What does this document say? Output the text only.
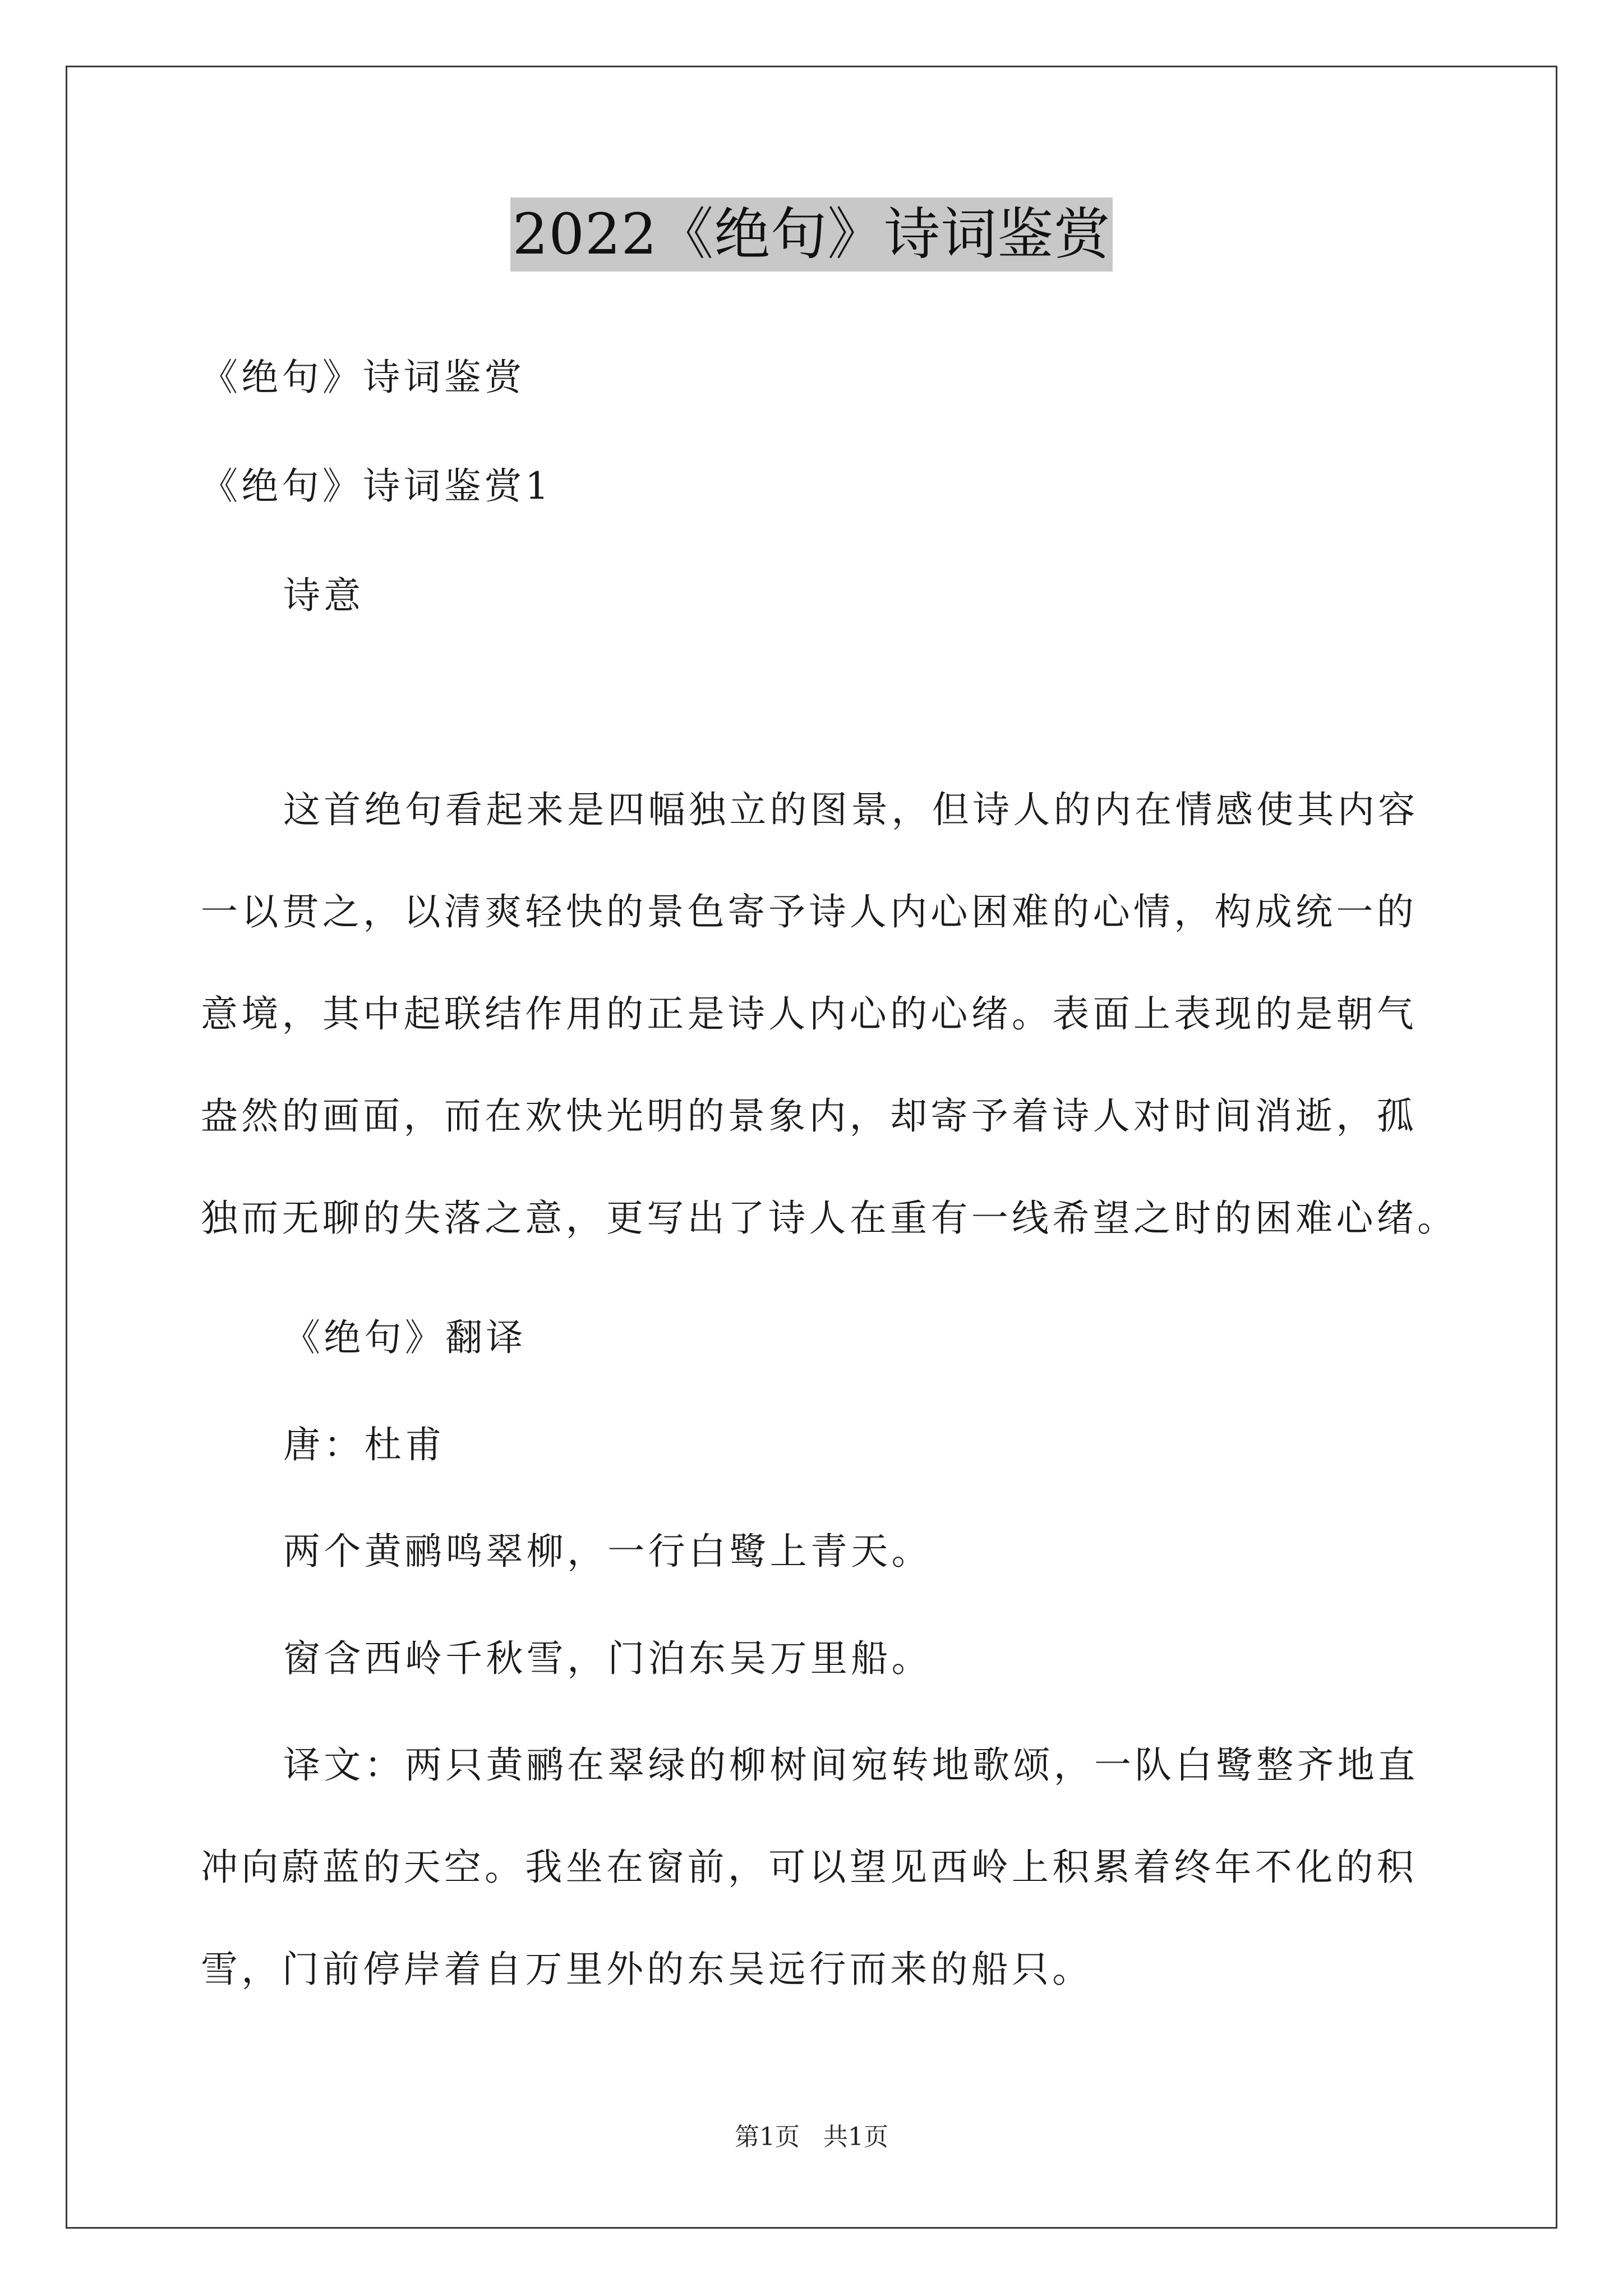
2022《绝句》诗词鉴赏
《绝句》诗词鉴赏
《绝句》诗词鉴赏1
诗意
这首绝句看起来是四幅独立的图景，但诗人的内在情感使其内容
一以贯之，以清爽轻快的景色寄予诗人内心困难的心情，构成统一的
意境，其中起联结作用的正是诗人内心的心绪。表面上表现的是朝气
盎然的画面，而在欢快光明的景象内，却寄予着诗人对时间消逝，孤
独而无聊的失落之意，更写出了诗人在重有一线希望之时的困难心绪。
《绝句》翻译
唐：杜甫
两个黄鹂鸣翠柳，一行白鹭上青天。
窗含西岭千秋雪，门泊东吴万里船。
译文：两只黄鹂在翠绿的柳树间宛转地歌颂，一队白鹭整齐地直
冲向蔚蓝的天空。我坐在窗前，可以望见西岭上积累着终年不化的积
雪，门前停岸着自万里外的东吴远行而来的船只。
第1页 共1页
